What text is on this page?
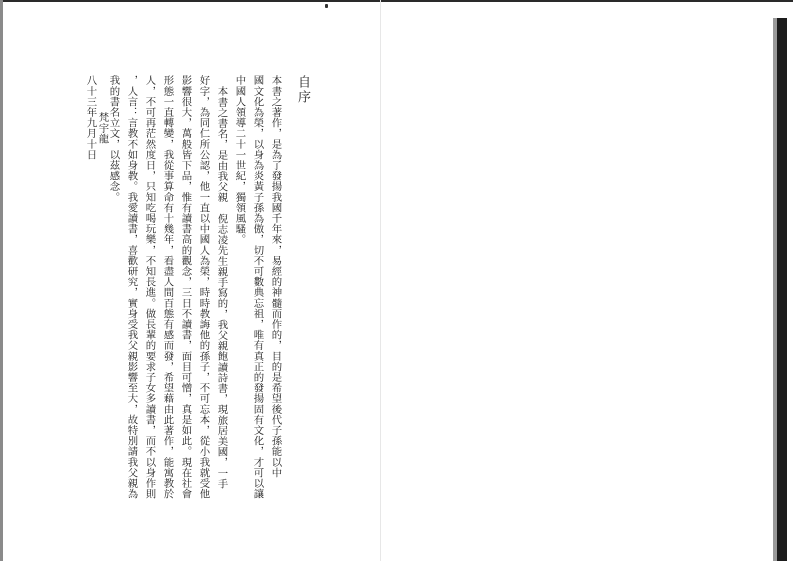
自序
本書之著作，是為了發揚我國千年來，易經的神髓而作的，目的是希望後代子孫能以中
國文化為榮，以身為炎黃子孫為傲，切不可數典忘祖，唯有真正的發揚固有文化，才可以讓
中國人領導二十一世紀，獨領風騷。
本書之書名，是由我父親　倪志凌先生親手寫的，我父親飽讀詩書，現旅居美國，一手
好字，為同仁所公認，他一直以中國人為榮，時時教誨他的孫子，不可忘本，從小我就受他
影響很大，萬般皆下品，惟有讀書高的觀念，三日不讀書，面目可憎，真是如此。現在社會
形態一直轉變，我從事算命有十幾年，看盡人間百態有感而發，希望藉由此著作，能寓教於
人，不可再茫然度日，只知吃喝玩樂，不知長進。做長輩的要求子女多讀書，而不以身作則
，人言：言教不如身教。我愛讀書，喜歡研究，實身受我父親影響至大，故特別請我父親為
我的書名立文，以茲感念。
梵宇龍
八十三年九月十日
